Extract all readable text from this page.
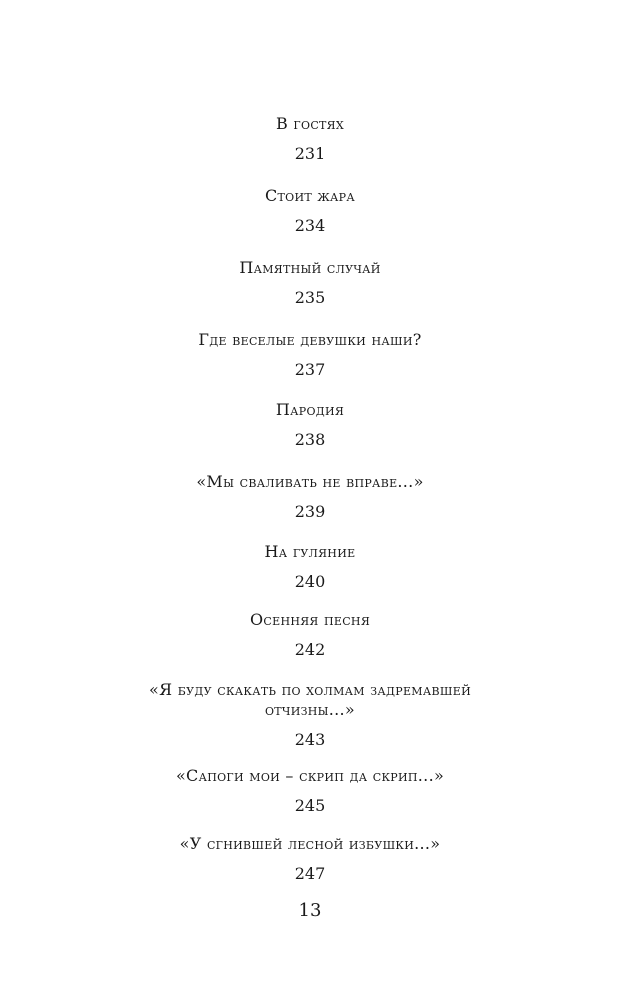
В гостях
231
Стоит жара
234
Памятный случай
235
Где веселые девушки наши?
237
Пародия
238
«Мы сваливать не вправе...»
239
На гуляние
240
Осенняя песня
242
«Я буду скакать по холмам задремавшей отчизны...»
243
«Сапоги мои – скрип да скрип...»
245
«У сгнившей лесной избушки...»
247
13
